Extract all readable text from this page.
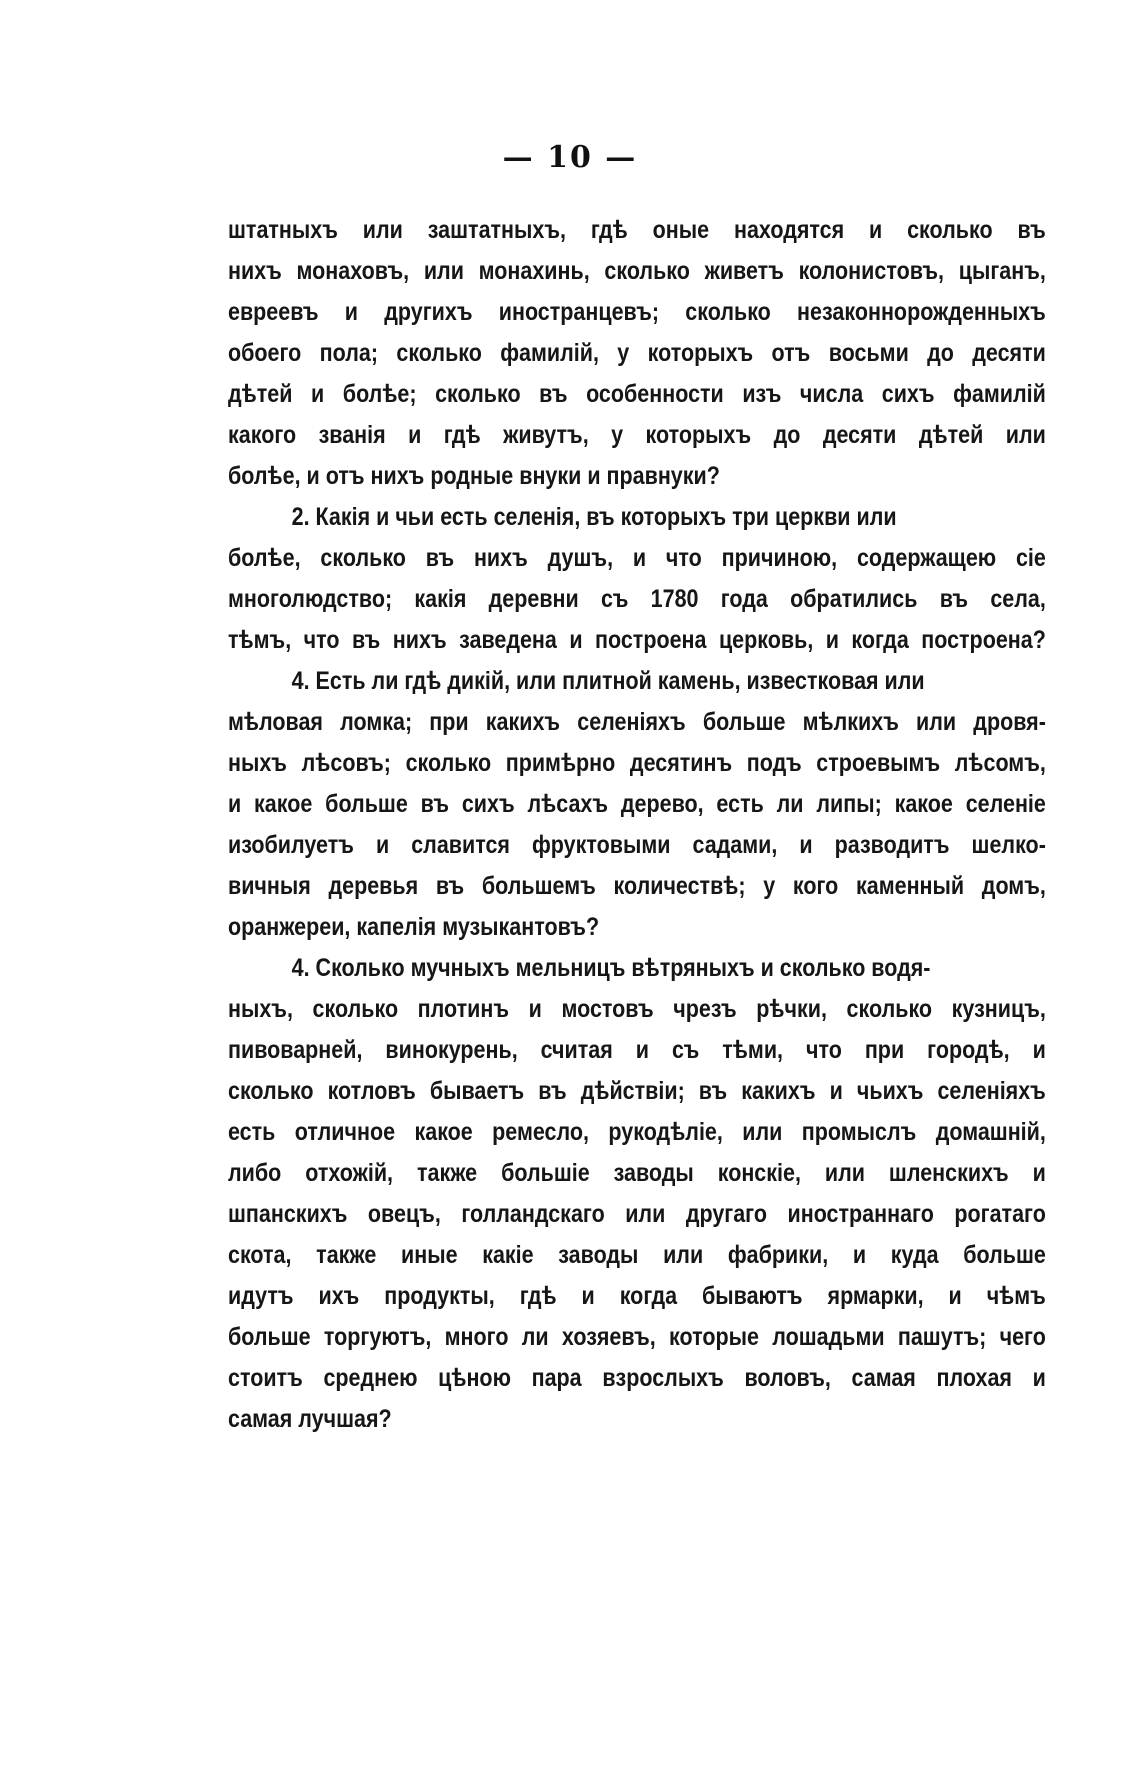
— 10 —
штатныхъ или заштатныхъ, гдѣ оные находятся и сколько въ
нихъ монаховъ, или монахинь, сколько живетъ колонистовъ, цыганъ,
евреевъ и другихъ иностранцевъ; сколько незаконнорожденныхъ
обоего пола; сколько фамилій, у которыхъ отъ восьми до десяти
дѣтей и болѣе; сколько въ особенности изъ числа сихъ фамилій
какого званія и гдѣ живутъ, у которыхъ до десяти дѣтей или
болѣе, и отъ нихъ родные внуки и правнуки?
2. Какія и чьи есть селенія, въ которыхъ три церкви или
болѣе, сколько въ нихъ душъ, и что причиною, содержащею сіе
многолюдство; какія деревни съ 1780 года обратились въ села,
тѣмъ, что въ нихъ заведена и построена церковь, и когда построена?
4. Есть ли гдѣ дикій, или плитной камень, известковая или
мѣловая ломка; при какихъ селеніяхъ больше мѣлкихъ или дровя-
ныхъ лѣсовъ; сколько примѣрно десятинъ подъ строевымъ лѣсомъ,
и какое больше въ сихъ лѣсахъ дерево, есть ли липы; какое селеніе
изобилуетъ и славится фруктовыми садами, и разводитъ шелко-
вичныя деревья въ большемъ количествѣ; у кого каменный домъ,
оранжереи, капелія музыкантовъ?
4. Сколько мучныхъ мельницъ вѣтряныхъ и сколько водя-
ныхъ, сколько плотинъ и мостовъ чрезъ рѣчки, сколько кузницъ,
пивоварней, винокурень, считая и съ тѣми, что при городѣ, и
сколько котловъ бываетъ въ дѣйствіи; въ какихъ и чьихъ селеніяхъ
есть отличное какое ремесло, рукодѣліе, или промыслъ домашній,
либо отхожій, также большіе заводы конскіе, или шленскихъ и
шпанскихъ овецъ, голландскаго или другаго иностраннаго рогатаго
скота, также иные какіе заводы или фабрики, и куда больше
идутъ ихъ продукты, гдѣ и когда бываютъ ярмарки, и чѣмъ
больше торгуютъ, много ли хозяевъ, которые лошадьми пашутъ; чего
стоитъ среднею цѣною пара взрослыхъ воловъ, самая плохая и
самая лучшая?
